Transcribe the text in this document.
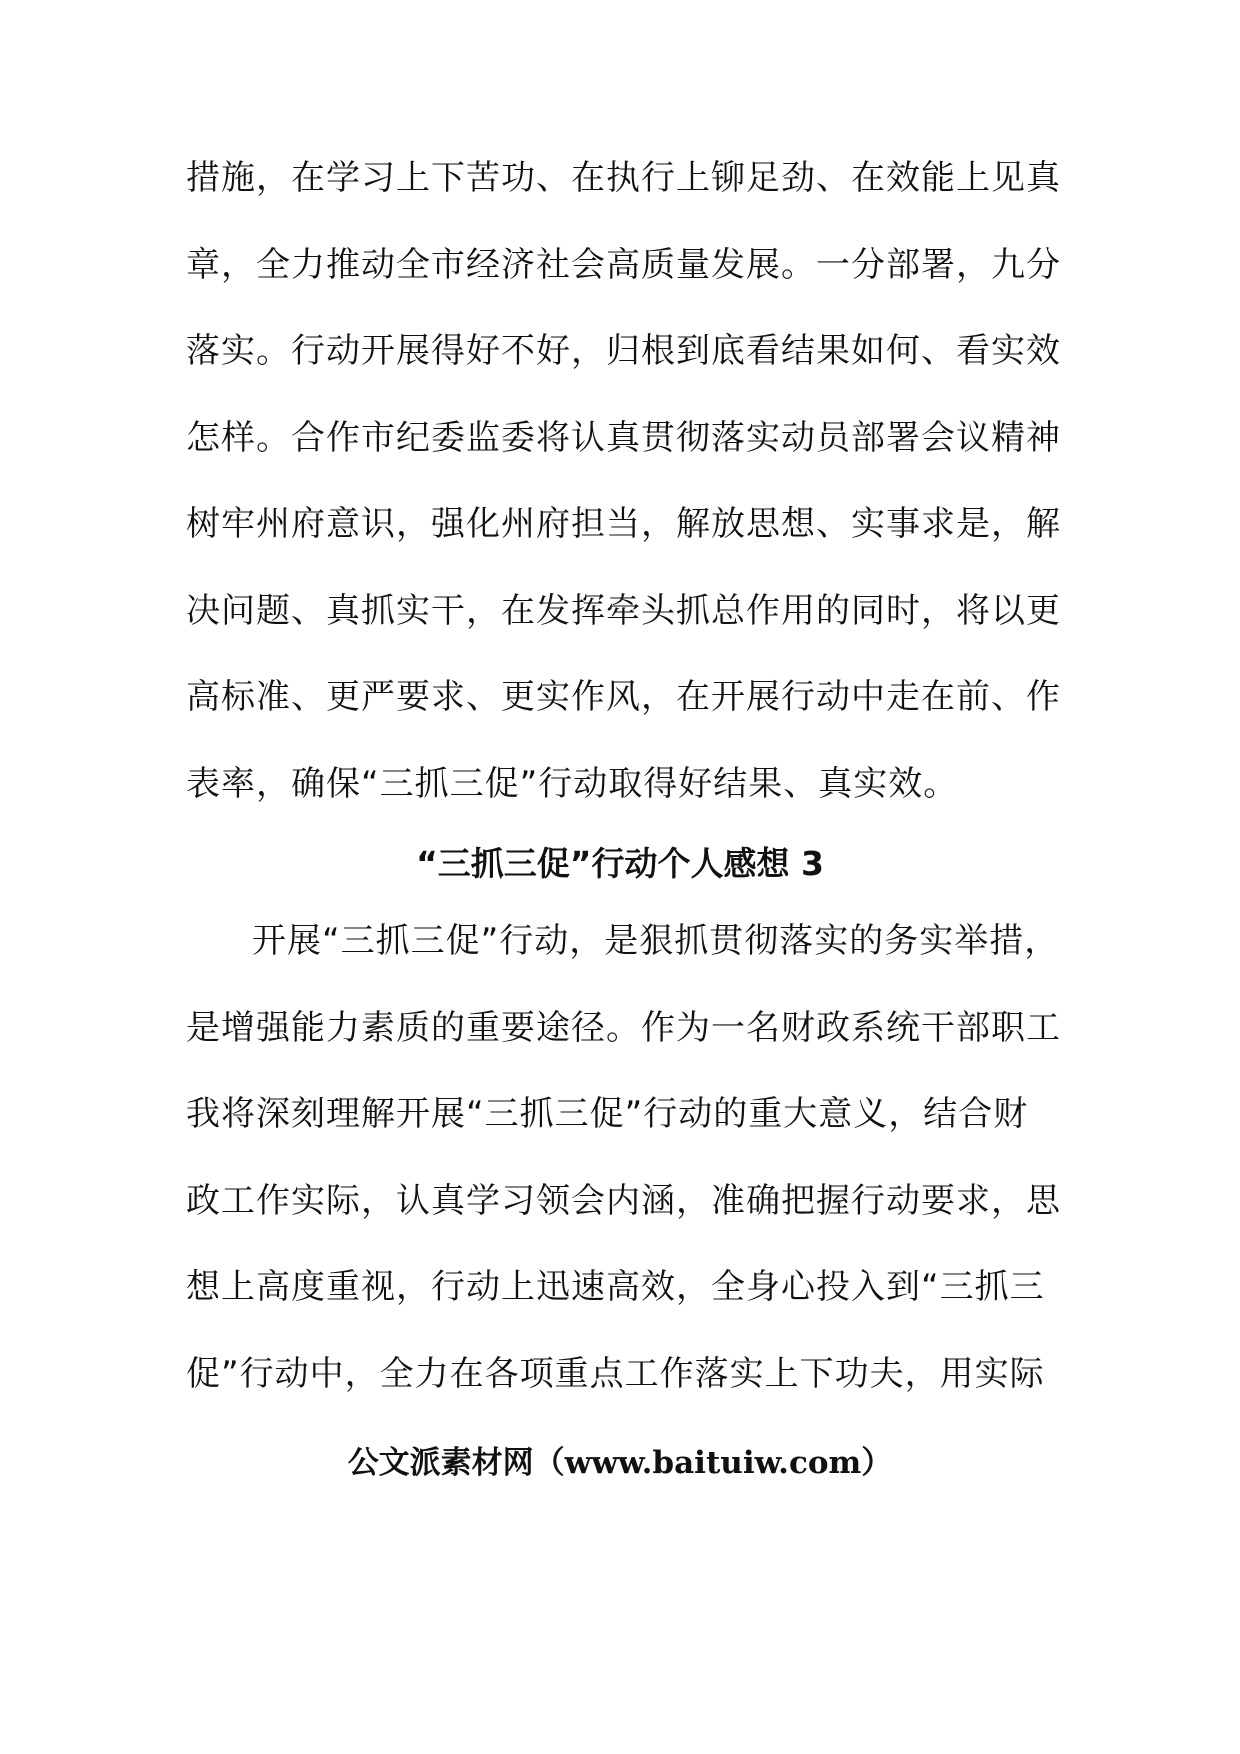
措施，在学习上下苦功、在执行上铆足劲、在效能上见真
章，全力推动全市经济社会高质量发展。一分部署，九分
落实。行动开展得好不好，归根到底看结果如何、看实效
怎样。合作市纪委监委将认真贯彻落实动员部署会议精神
树牢州府意识，强化州府担当，解放思想、实事求是，解
决问题、真抓实干，在发挥牵头抓总作用的同时，将以更
高标准、更严要求、更实作风，在开展行动中走在前、作
表率，确保“三抓三促”行动取得好结果、真实效。
“三抓三促”行动个人感想 3
开展“三抓三促”行动，是狠抓贯彻落实的务实举措，
是增强能力素质的重要途径。作为一名财政系统干部职工
我将深刻理解开展“三抓三促”行动的重大意义，结合财
政工作实际，认真学习领会内涵，准确把握行动要求，思
想上高度重视，行动上迅速高效，全身心投入到“三抓三
促”行动中，全力在各项重点工作落实上下功夫，用实际
公文派素材网（www.baituiw.com）
